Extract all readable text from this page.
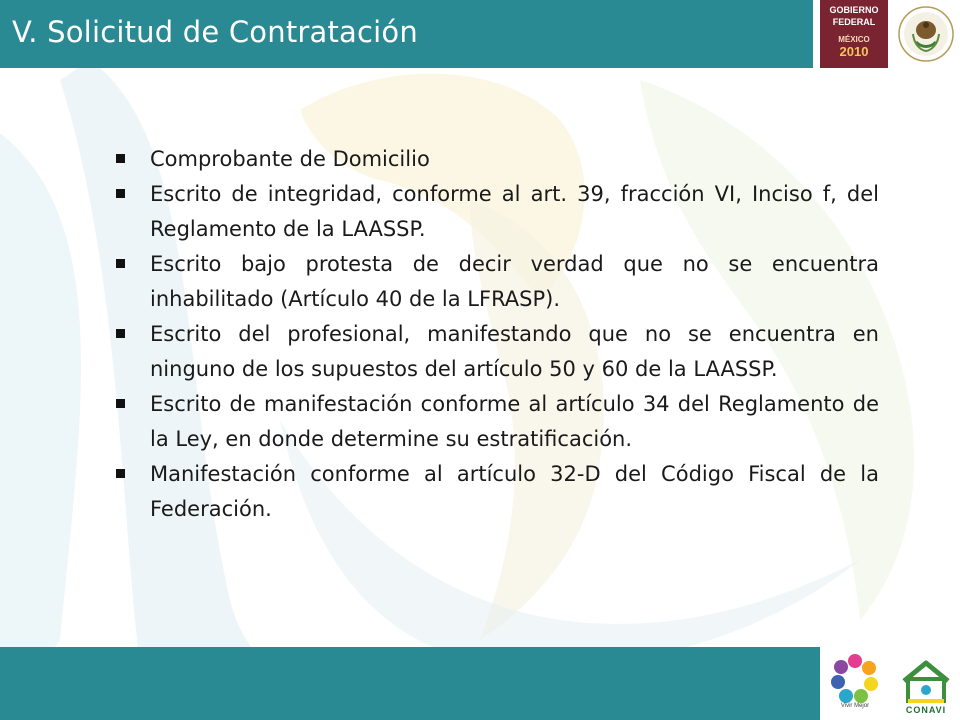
V. Solicitud de Contratación
GOBIERNO
FEDERAL
MÉXICO
2010
Comprobante de Domicilio
Escrito de integridad, conforme al art. 39, fracción VI, Inciso f, del Reglamento de la LAASSP.
Escrito bajo protesta de decir verdad que no se encuentra inhabilitado (Artículo 40 de la LFRASP).
Escrito del profesional, manifestando que no se encuentra en ninguno de los supuestos del artículo 50 y 60 de la LAASSP.
Escrito de manifestación conforme al artículo 34 del Reglamento de la Ley, en donde determine su estratificación.
Manifestación conforme al artículo 32-D del Código Fiscal de la Federación.
Vivir Mejor	CONAVI
